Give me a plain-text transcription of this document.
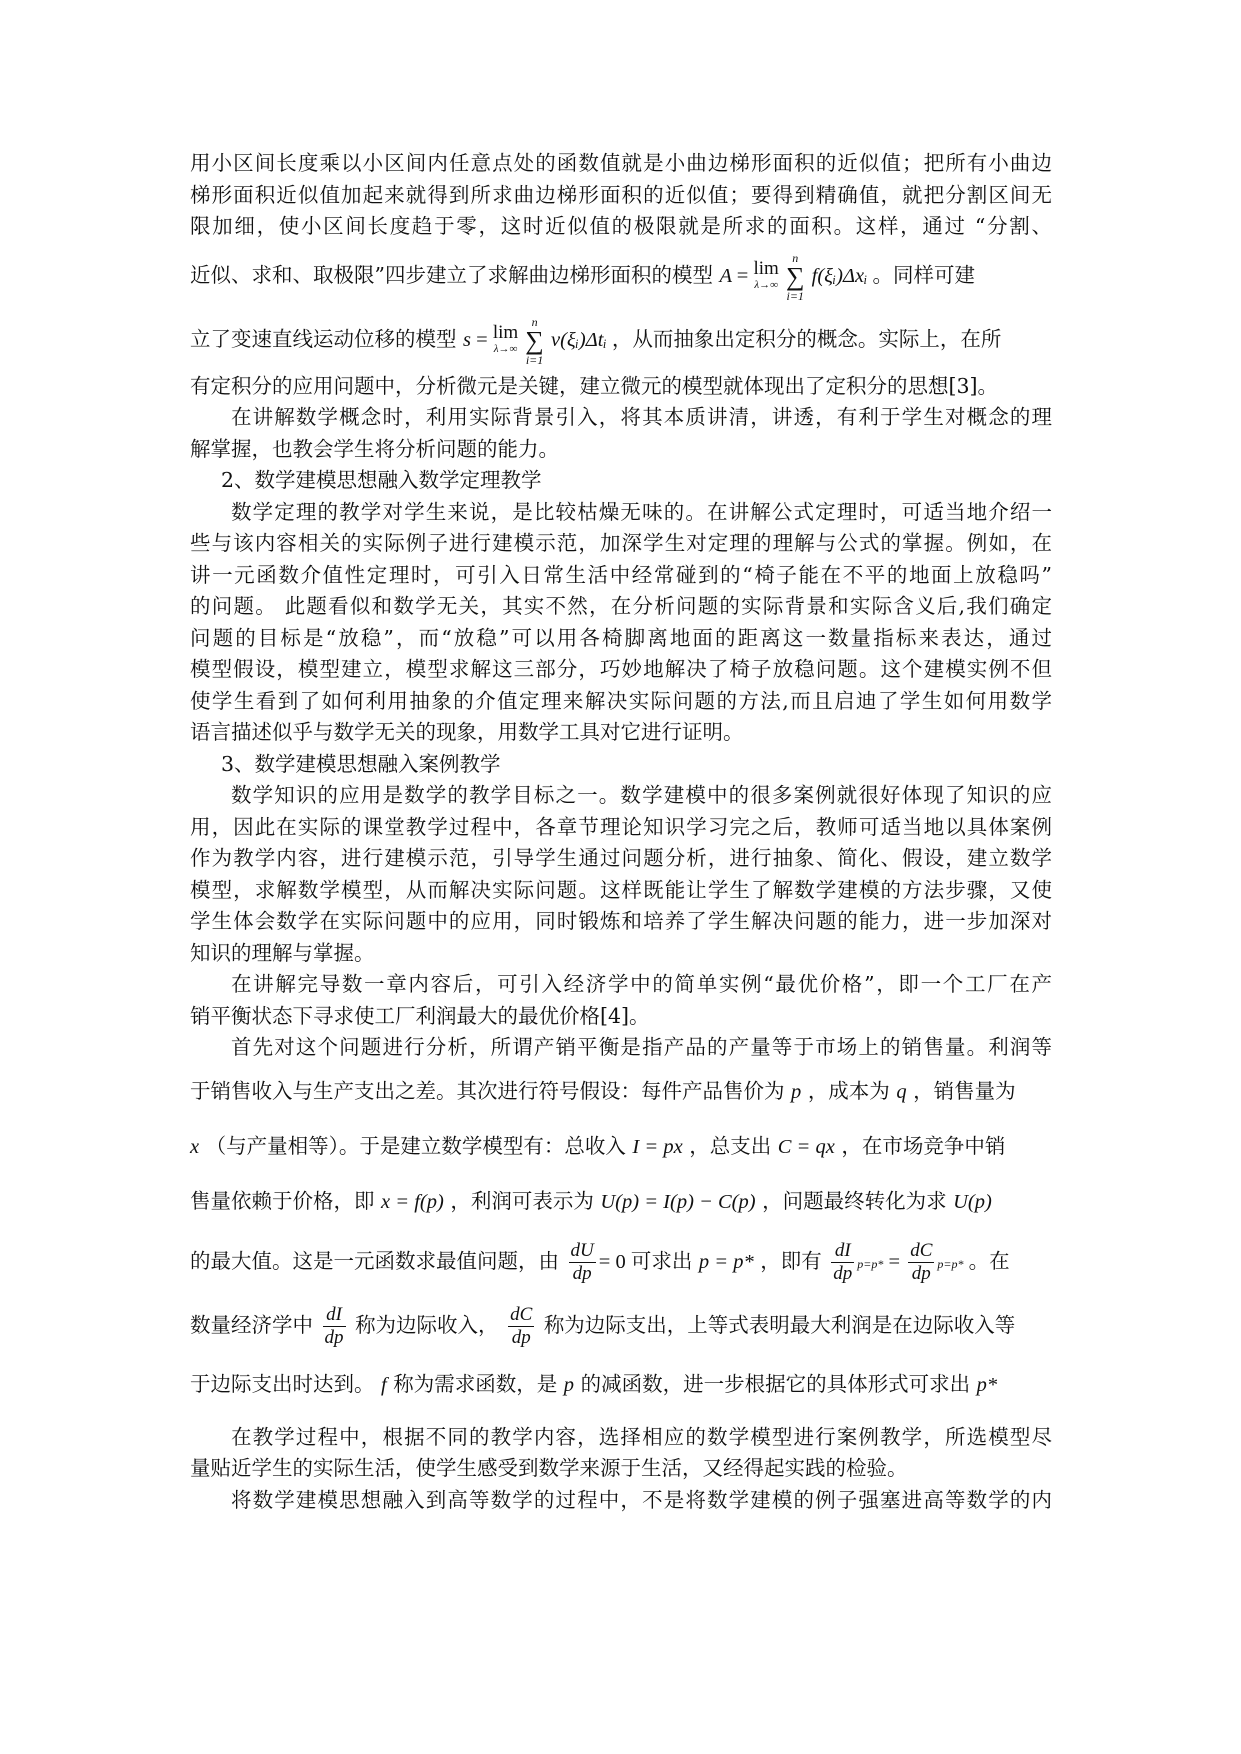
用小区间长度乘以小区间内任意点处的函数值就是小曲边梯形面积的近似值；把所有小曲边
梯形面积近似值加起来就得到所求曲边梯形面积的近似值；要得到精确值，就把分割区间无
限加细，使小区间长度趋于零，这时近似值的极限就是所求的面积。这样，通过 “分割、
近似、求和、取极限”四步建立了求解曲边梯形面积的模型 A = lim
λ→∞ n
∑
i=1 f(ξᵢ)Δxᵢ 。同样可建
立了变速直线运动位移的模型 s = lim
λ→∞ n
∑
i=1 v(ξᵢ)Δtᵢ ，从而抽象出定积分的概念。实际上，在所
有定积分的应用问题中，分析微元是关键，建立微元的模型就体现出了定积分的思想[3]。
在讲解数学概念时，利用实际背景引入，将其本质讲清，讲透，有利于学生对概念的理
解掌握，也教会学生将分析问题的能力。
2、数学建模思想融入数学定理教学
数学定理的教学对学生来说，是比较枯燥无味的。在讲解公式定理时，可适当地介绍一
些与该内容相关的实际例子进行建模示范，加深学生对定理的理解与公式的掌握。例如，在
讲一元函数介值性定理时，可引入日常生活中经常碰到的“椅子能在不平的地面上放稳吗”
的问题。 此题看似和数学无关，其实不然，在分析问题的实际背景和实际含义后,我们确定
问题的目标是“放稳”，而“放稳”可以用各椅脚离地面的距离这一数量指标来表达，通过
模型假设，模型建立，模型求解这三部分，巧妙地解决了椅子放稳问题。这个建模实例不但
使学生看到了如何利用抽象的介值定理来解决实际问题的方法,而且启迪了学生如何用数学
语言描述似乎与数学无关的现象，用数学工具对它进行证明。
3、数学建模思想融入案例教学
数学知识的应用是数学的教学目标之一。数学建模中的很多案例就很好体现了知识的应
用，因此在实际的课堂教学过程中，各章节理论知识学习完之后，教师可适当地以具体案例
作为教学内容，进行建模示范，引导学生通过问题分析，进行抽象、简化、假设，建立数学
模型，求解数学模型，从而解决实际问题。这样既能让学生了解数学建模的方法步骤，又使
学生体会数学在实际问题中的应用，同时锻炼和培养了学生解决问题的能力，进一步加深对
知识的理解与掌握。
在讲解完导数一章内容后，可引入经济学中的简单实例“最优价格”，即一个工厂在产
销平衡状态下寻求使工厂利润最大的最优价格[4]。
首先对这个问题进行分析，所谓产销平衡是指产品的产量等于市场上的销售量。利润等
于销售收入与生产支出之差。其次进行符号假设：每件产品售价为 p ，成本为 q ，销售量为
x （与产量相等）。于是建立数学模型有：总收入 I = px ，总支出 C = qx ，在市场竞争中销
售量依赖于价格，即 x = f(p) ，利润可表示为 U(p) = I(p) − C(p) ，问题最终转化为求 U(p)
的最大值。这是一元函数求最值问题，由 $\frac{dU}{dp} = 0$ 可求出 p = p* ，即有 $\frac{dI}{dp} p=p* = \frac{dC}{dp} p=p*$ 。在
数量经济学中 $\frac{dI}{dp}$ 称为边际收入， $\frac{dC}{dp}$ 称为边际支出，上等式表明最大利润是在边际收入等
于边际支出时达到。 f 称为需求函数，是 p 的减函数，进一步根据它的具体形式可求出 p*
在教学过程中，根据不同的教学内容，选择相应的数学模型进行案例教学，所选模型尽
量贴近学生的实际生活，使学生感受到数学来源于生活，又经得起实践的检验。
将数学建模思想融入到高等数学的过程中，不是将数学建模的例子强塞进高等数学的内
